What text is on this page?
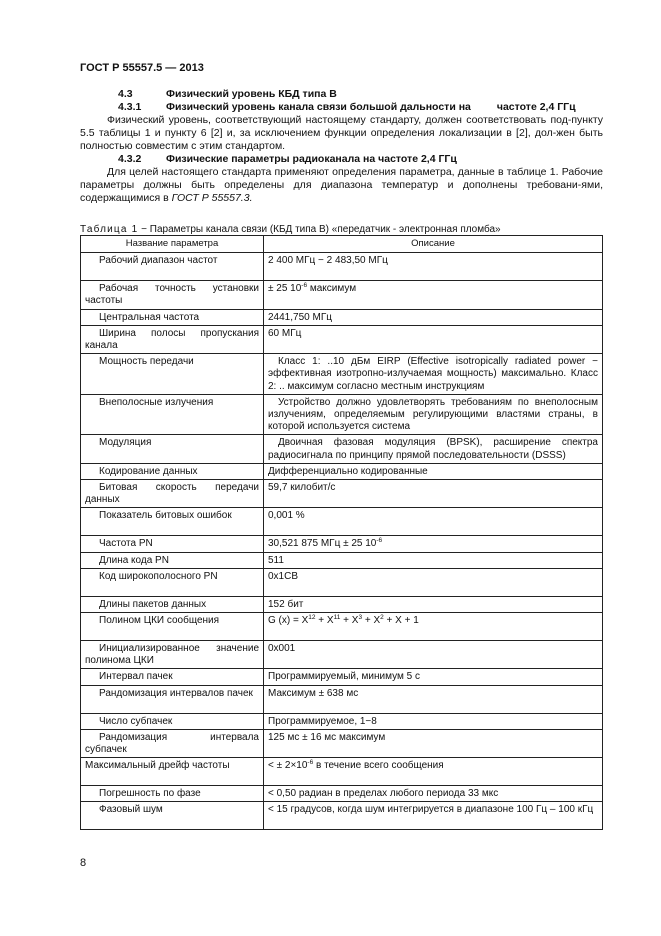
ГОСТ Р 55557.5 — 2013
4.3	Физический уровень КБД типа В
4.3.1 Физический уровень канала связи большой дальности на частоте 2,4 ГГц
Физический уровень, соответствующий настоящему стандарту, должен соответствовать под-пункту 5.5 таблицы 1 и пункту 6 [2] и, за исключением функции определения локализации в [2], дол-жен быть полностью совместим с этим стандартом.
4.3.2 Физические параметры радиоканала на частоте 2,4 ГГц
Для целей настоящего стандарта применяют определения параметра, данные в таблице 1. Рабочие параметры должны быть определены для диапазона температур и дополнены требовани-ями, содержащимися в ГОСТ Р 55557.3.
Таблица 1 − Параметры канала связи (КБД типа В) «передатчик - электронная пломба»
Название параметра	Описание
Рабочий диапазон частот	2 400 МГц − 2 483,50 МГц
Рабочая точность установки частоты	± 25 $10^{-6}$ максимум
Центральная частота	2441,750 МГц
Ширина полосы пропускания канала	60 МГц
Мощность передачи	Класс 1: ..10 дБм EIRP (Effective isotropically radiated power − эффективная изотропно-излучаемая мощность) максимально. Класс 2: .. максимум согласно местным инструкциям
Внеполосные излучения	Устройство должно удовлетворять требованиям по внеполосным излучениям, определяемым регулирующими властями страны, в которой используется система
Модуляция	Двоичная фазовая модуляция (BPSK), расширение спектра радиосигнала по принципу прямой последовательности (DSSS)
Кодирование данных	Дифференциально кодированные
Битовая скорость передачи данных	59,7 килобит/с
Показатель битовых ошибок	0,001 %
Частота PN	30,521 875 МГц ± 25 $10^{-6}$
Длина кода PN	511
Код широкополосного PN	0x1CB
Длины пакетов данных	152 бит
Полином ЦКИ сообщения	G $(x) = X^{12} + X^{11} + X^3 + X^2 + X + 1$
Инициализированное значение полинома ЦКИ	0x001
Интервал пачек	Программируемый, минимум 5 с
Рандомизация интервалов пачек	Максимум ± 638 мс
Число субпачек	Программируемое, 1−8
Рандомизация интервала субпачек	125 мс ± 16 мс максимум
Максимальный дрейф частоты	< ± $2\times 10^{-6}$ в течение всего сообщения
Погрешность по фазе	< 0,50 радиан в пределах любого периода 33 мкс
Фазовый шум	< 15 градусов, когда шум интегрируется в диапазоне 100 Гц – 100 кГц
8
